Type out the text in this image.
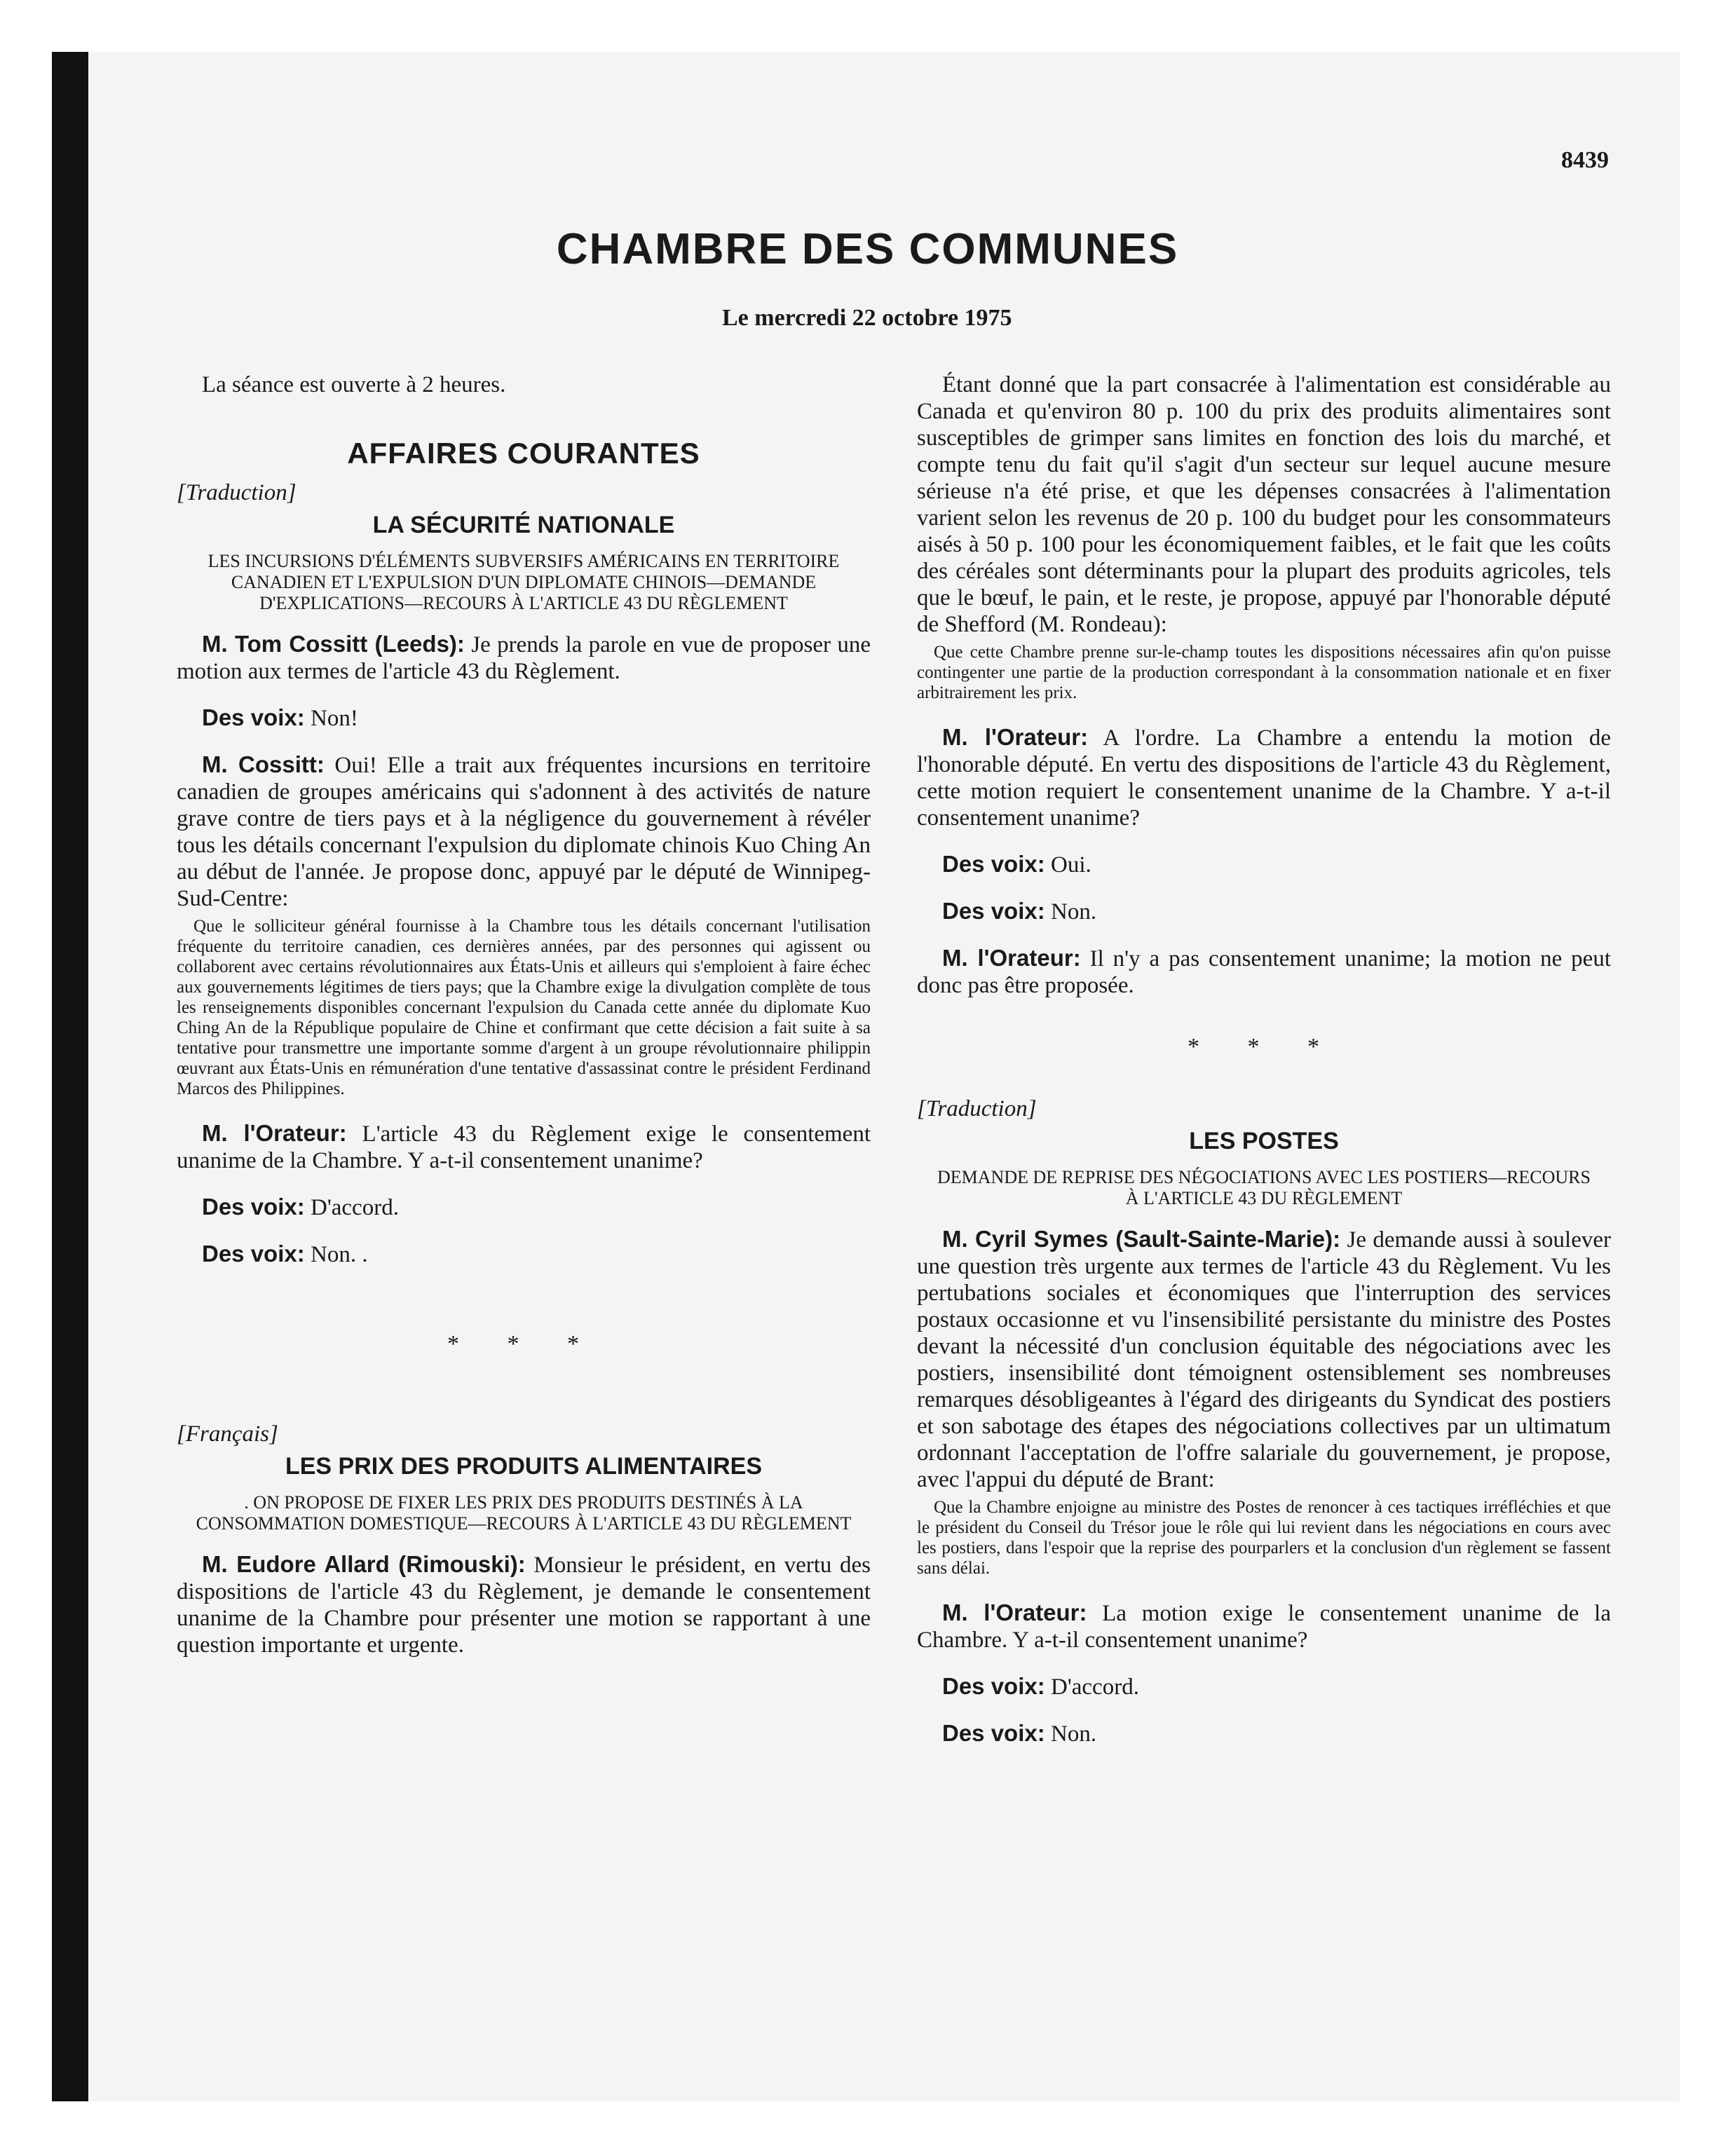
8439
CHAMBRE DES COMMUNES
Le mercredi 22 octobre 1975

La séance est ouverte à 2 heures.

AFFAIRES COURANTES
[Traduction]
LA SÉCURITÉ NATIONALE
LES INCURSIONS D'ÉLÉMENTS SUBVERSIFS AMÉRICAINS EN TERRITOIRE CANADIEN ET L'EXPULSION D'UN DIPLOMATE CHINOIS—DEMANDE D'EXPLICATIONS—RECOURS À L'ARTICLE 43 DU RÈGLEMENT

M. Tom Cossitt (Leeds): Je prends la parole en vue de proposer une motion aux termes de l'article 43 du Règlement.

Des voix: Non!

M. Cossitt: Oui! Elle a trait aux fréquentes incursions en territoire canadien de groupes américains qui s'adonnent à des activités de nature grave contre de tiers pays et à la négligence du gouvernement à révéler tous les détails concernant l'expulsion du diplomate chinois Kuo Ching An au début de l'année. Je propose donc, appuyé par le député de Winnipeg-Sud-Centre:

Que le solliciteur général fournisse à la Chambre tous les détails concernant l'utilisation fréquente du territoire canadien, ces dernières années, par des personnes qui agissent ou collaborent avec certains révolutionnaires aux États-Unis et ailleurs qui s'emploient à faire échec aux gouvernements légitimes de tiers pays; que la Chambre exige la divulgation complète de tous les renseignements disponibles concernant l'expulsion du Canada cette année du diplomate Kuo Ching An de la République populaire de Chine et confirmant que cette décision a fait suite à sa tentative pour transmettre une importante somme d'argent à un groupe révolutionnaire philippin œuvrant aux États-Unis en rémunération d'une tentative d'assassinat contre le président Ferdinand Marcos des Philippines.

M. l'Orateur: L'article 43 du Règlement exige le consentement unanime de la Chambre. Y a-t-il consentement unanime?

Des voix: D'accord.

Des voix: Non. .

* * *
[Français]
LES PRIX DES PRODUITS ALIMENTAIRES
. ON PROPOSE DE FIXER LES PRIX DES PRODUITS DESTINÉS À LA CONSOMMATION DOMESTIQUE—RECOURS À L'ARTICLE 43 DU RÈGLEMENT

M. Eudore Allard (Rimouski): Monsieur le président, en vertu des dispositions de l'article 43 du Règlement, je demande le consentement unanime de la Chambre pour présenter une motion se rapportant à une question importante et urgente.

Étant donné que la part consacrée à l'alimentation est considérable au Canada et qu'environ 80 p. 100 du prix des produits alimentaires sont susceptibles de grimper sans limites en fonction des lois du marché, et compte tenu du fait qu'il s'agit d'un secteur sur lequel aucune mesure sérieuse n'a été prise, et que les dépenses consacrées à l'alimentation varient selon les revenus de 20 p. 100 du budget pour les consommateurs aisés à 50 p. 100 pour les économiquement faibles, et le fait que les coûts des céréales sont déterminants pour la plupart des produits agricoles, tels que le bœuf, le pain, et le reste, je propose, appuyé par l'honorable député de Shefford (M. Rondeau):

Que cette Chambre prenne sur-le-champ toutes les dispositions nécessaires afin qu'on puisse contingenter une partie de la production correspondant à la consommation nationale et en fixer arbitrairement les prix.

M. l'Orateur: A l'ordre. La Chambre a entendu la motion de l'honorable député. En vertu des dispositions de l'article 43 du Règlement, cette motion requiert le consentement unanime de la Chambre. Y a-t-il consentement unanime?

Des voix: Oui.

Des voix: Non.

M. l'Orateur: Il n'y a pas consentement unanime; la motion ne peut donc pas être proposée.

* * *
[Traduction]
LES POSTES
DEMANDE DE REPRISE DES NÉGOCIATIONS AVEC LES POSTIERS—RECOURS À L'ARTICLE 43 DU RÈGLEMENT

M. Cyril Symes (Sault-Sainte-Marie): Je demande aussi à soulever une question très urgente aux termes de l'article 43 du Règlement. Vu les pertubations sociales et économiques que l'interruption des services postaux occasionne et vu l'insensibilité persistante du ministre des Postes devant la nécessité d'un conclusion équitable des négociations avec les postiers, insensibilité dont témoignent ostensiblement ses nombreuses remarques désobligeantes à l'égard des dirigeants du Syndicat des postiers et son sabotage des étapes des négociations collectives par un ultimatum ordonnant l'acceptation de l'offre salariale du gouvernement, je propose, avec l'appui du député de Brant:

Que la Chambre enjoigne au ministre des Postes de renoncer à ces tactiques irréfléchies et que le président du Conseil du Trésor joue le rôle qui lui revient dans les négociations en cours avec les postiers, dans l'espoir que la reprise des pourparlers et la conclusion d'un règlement se fassent sans délai.

M. l'Orateur: La motion exige le consentement unanime de la Chambre. Y a-t-il consentement unanime?

Des voix: D'accord.

Des voix: Non.
